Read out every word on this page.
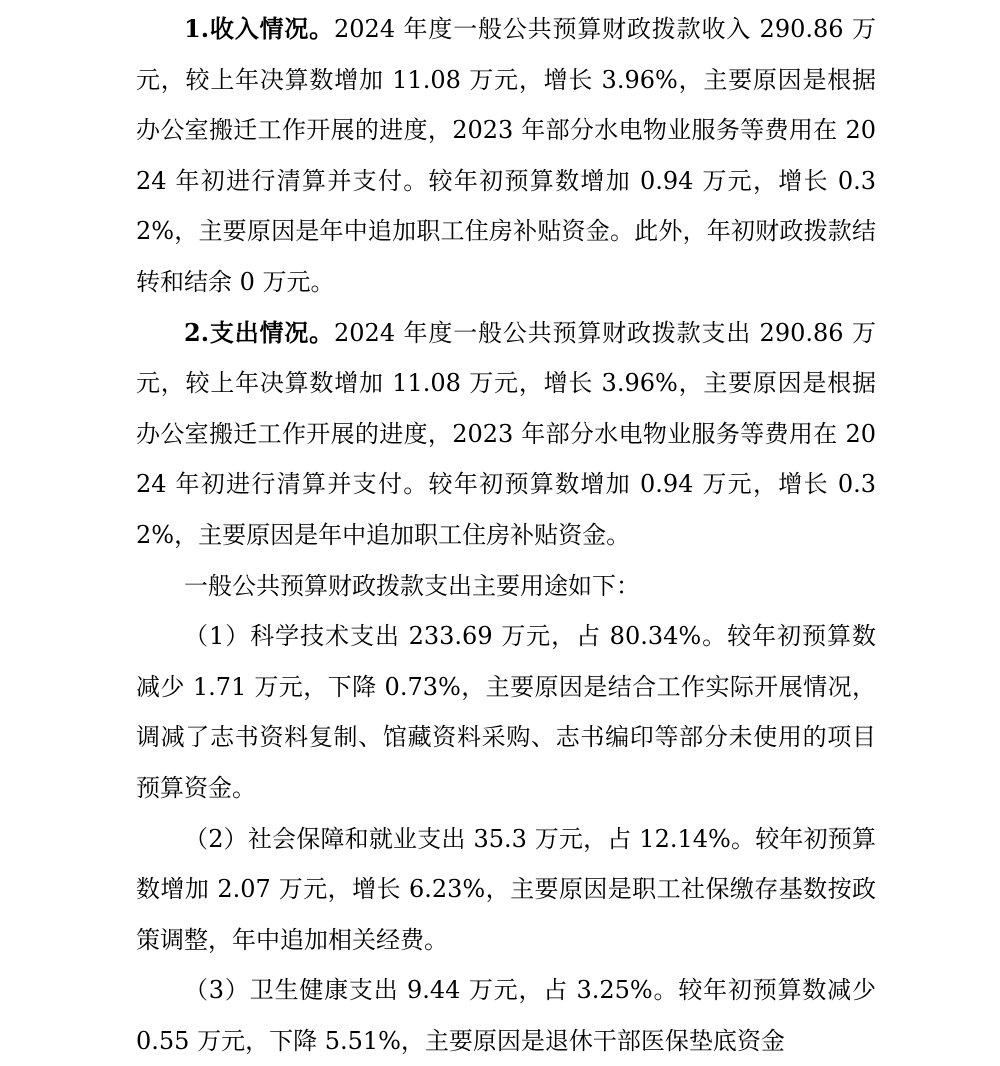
1.收入情况。2024 年度一般公共预算财政拨款收入 290.86 万元，较上年决算数增加 11.08 万元，增长 3.96%，主要原因是根据办公室搬迁工作开展的进度，2023 年部分水电物业服务等费用在 2024 年初进行清算并支付。较年初预算数增加 0.94 万元，增长 0.32%，主要原因是年中追加职工住房补贴资金。此外，年初财政拨款结转和结余 0 万元。

2.支出情况。2024 年度一般公共预算财政拨款支出 290.86 万元，较上年决算数增加 11.08 万元，增长 3.96%，主要原因是根据办公室搬迁工作开展的进度，2023 年部分水电物业服务等费用在 2024 年初进行清算并支付。较年初预算数增加 0.94 万元，增长 0.32%，主要原因是年中追加职工住房补贴资金。

一般公共预算财政拨款支出主要用途如下：

（1）科学技术支出 233.69 万元，占 80.34%。较年初预算数减少 1.71 万元，下降 0.73%，主要原因是结合工作实际开展情况，调减了志书资料复制、馆藏资料采购、志书编印等部分未使用的项目预算资金。

（2）社会保障和就业支出 35.3 万元，占 12.14%。较年初预算数增加 2.07 万元，增长 6.23%，主要原因是职工社保缴存基数按政策调整，年中追加相关经费。

（3）卫生健康支出 9.44 万元，占 3.25%。较年初预算数减少 0.55 万元，下降 5.51%，主要原因是退休干部医保垫底资金
